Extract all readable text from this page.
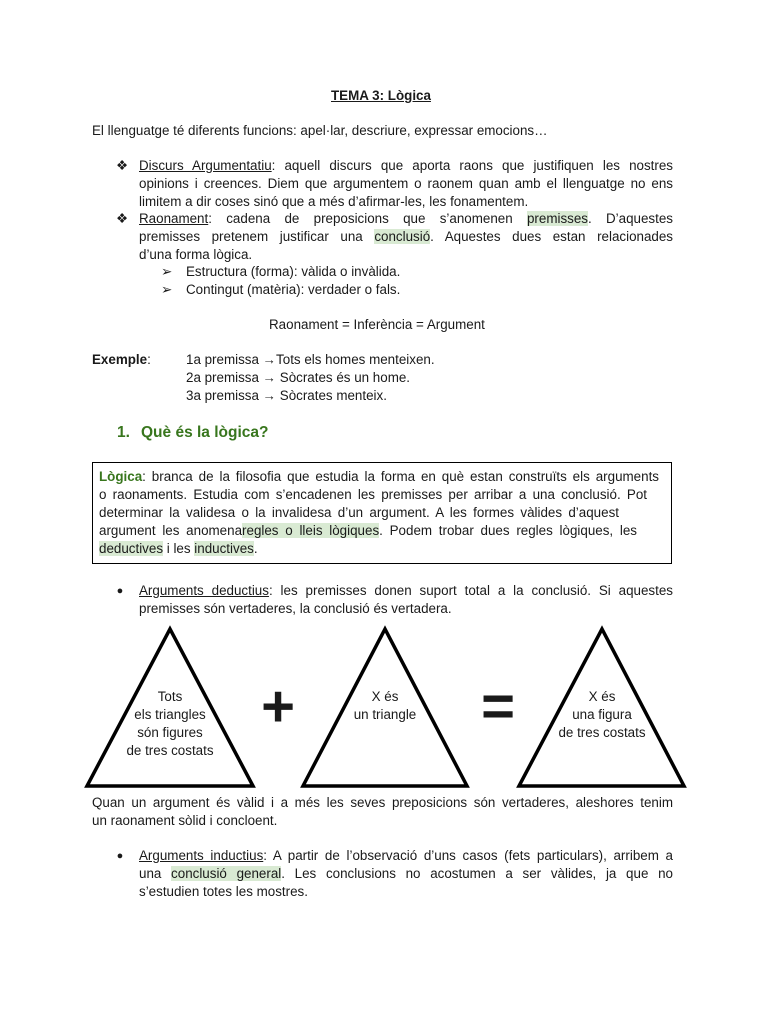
TEMA 3: Lògica
El llenguatge té diferents funcions: apel·lar, descriure, expressar emocions…
❖ Discurs Argumentatiu: aquell discurs que aporta raons que justifiquen les nostres
opinions i creences. Diem que argumentem o raonem quan amb el llenguatge no ens
limitem a dir coses sinó que a més d’afirmar-les, les fonamentem.
❖ Raonament: cadena de preposicions que s’anomenen premisses. D’aquestes
premisses pretenem justificar una conclusió. Aquestes dues estan relacionades
d’una forma lògica.
➢ Estructura (forma): vàlida o invàlida.
➢ Contingut (matèria): verdader o fals.
Raonament = Inferència = Argument
Exemple:	1a premissa →Tots els homes menteixen.
2a premissa → Sòcrates és un home.
3a premissa → Sòcrates menteix.
1. Què és la lògica?
Lògica: branca de la filosofia que estudia la forma en què estan construïts els arguments
o raonaments. Estudia com s’encadenen les premisses per arribar a una conclusió. Pot
determinar la validesa o la invalidesa d’un argument. A les formes vàlides d’aquest
argument les anomenaregles o lleis lògiques. Podem trobar dues regles lògiques, les
deductives i les inductives.
●	Arguments deductius: les premisses donen suport total a la conclusió. Si aquestes
premisses són vertaderes, la conclusió és vertadera.
Tots
els triangles
són figures
de tres costats
X és
un triangle
X és
una figura
de tres costats
+	=
Quan un argument és vàlid i a més les seves preposicions són vertaderes, aleshores tenim
un raonament sòlid i concloent.
●	Arguments inductius: A partir de l’observació d’uns casos (fets particulars), arribem a
una conclusió general. Les conclusions no acostumen a ser vàlides, ja que no
s’estudien totes les mostres.
